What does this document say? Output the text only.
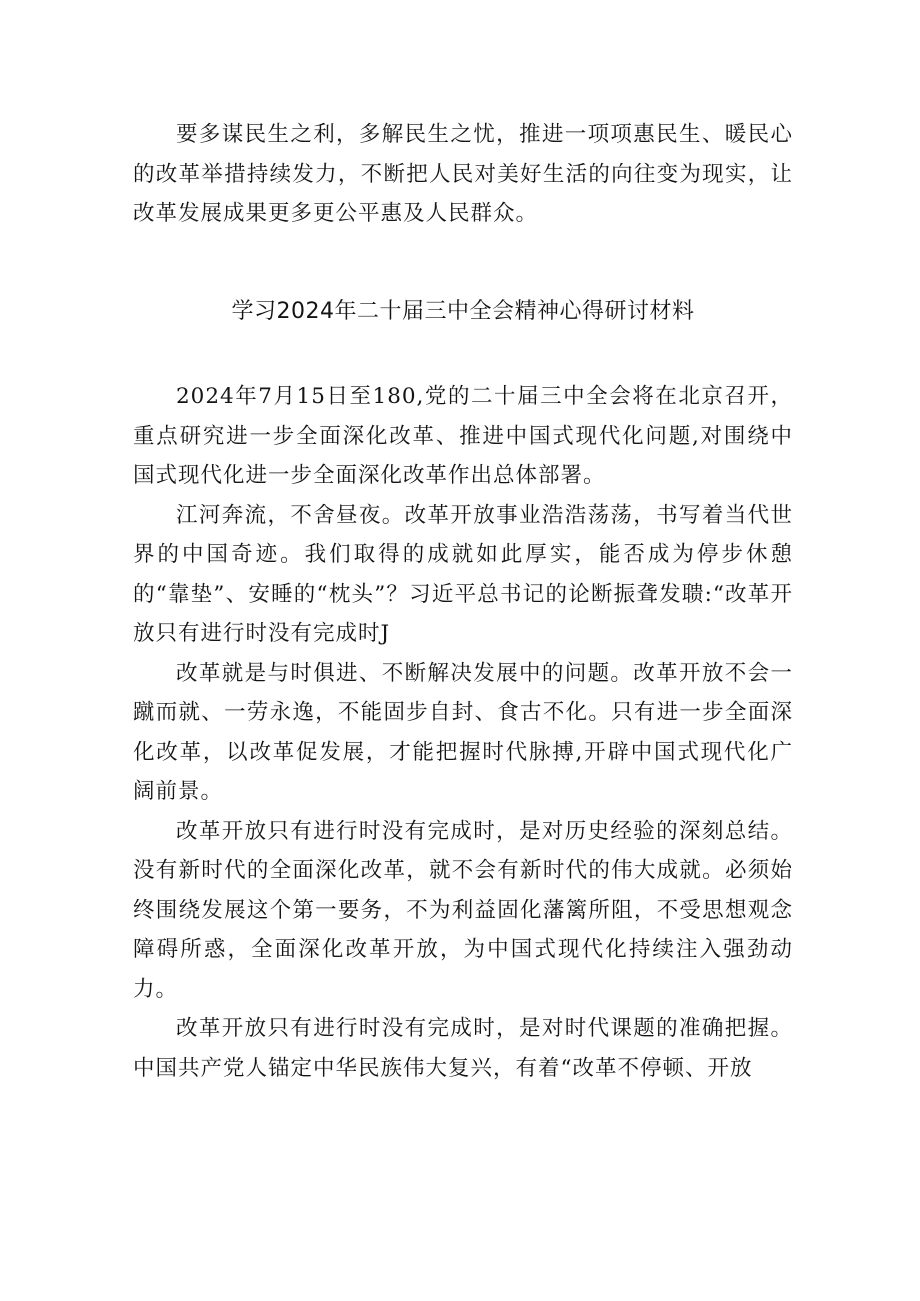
要多谋民生之利，多解民生之忧，推进一项项惠民生、暖民心的改革举措持续发力，不断把人民对美好生活的向往变为现实，让改革发展成果更多更公平惠及人民群众。

学习2024年二十届三中全会精神心得研讨材料

2024年7月15日至180,党的二十届三中全会将在北京召开，重点研究进一步全面深化改革、推进中国式现代化问题,对围绕中国式现代化进一步全面深化改革作出总体部署。

江河奔流，不舍昼夜。改革开放事业浩浩荡荡，书写着当代世界的中国奇迹。我们取得的成就如此厚实，能否成为停步休憩的“靠垫”、安睡的“枕头”？习近平总书记的论断振聋发聩:“改革开放只有进行时没有完成时J

改革就是与时俱进、不断解决发展中的问题。改革开放不会一蹴而就、一劳永逸，不能固步自封、食古不化。只有进一步全面深化改革，以改革促发展，才能把握时代脉搏,开辟中国式现代化广阔前景。

改革开放只有进行时没有完成时，是对历史经验的深刻总结。没有新时代的全面深化改革，就不会有新时代的伟大成就。必须始终围绕发展这个第一要务，不为利益固化藩篱所阻，不受思想观念障碍所惑，全面深化改革开放，为中国式现代化持续注入强劲动力。

改革开放只有进行时没有完成时，是对时代课题的准确把握。中国共产党人锚定中华民族伟大复兴，有着“改革不停顿、开放
